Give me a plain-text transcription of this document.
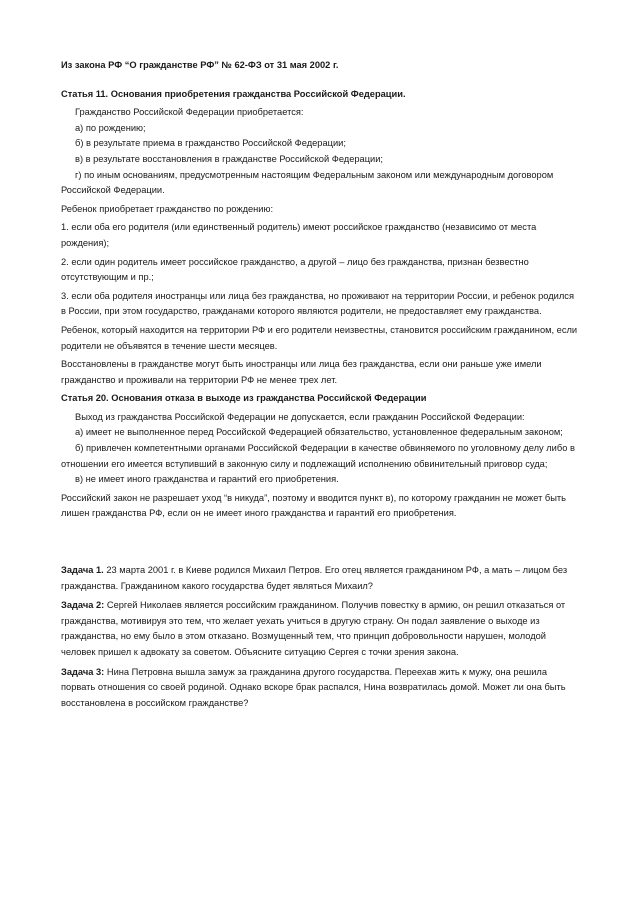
Из закона РФ “О гражданстве РФ” № 62-ФЗ от 31 мая 2002 г.

Статья 11. Основания приобретения гражданства Российской Федерации.

Гражданство Российской Федерации приобретается:

а) по рождению;

б) в результате приема в гражданство Российской Федерации;

в) в результате восстановления в гражданстве Российской Федерации;

г) по иным основаниям, предусмотренным настоящим Федеральным законом или международным договором Российской Федерации.

Ребенок приобретает гражданство по рождению:

1. если оба его родителя (или единственный родитель) имеют российское гражданство (независимо от места рождения);

2. если один родитель имеет российское гражданство, а другой – лицо без гражданства, признан безвестно отсутствующим и пр.;

3. если оба родителя иностранцы или лица без гражданства, но проживают на территории России, и ребенок родился в России, при этом государство, гражданами которого являются родители, не предоставляет ему гражданства.

Ребенок, который находится на территории РФ и его родители неизвестны, становится российским гражданином, если родители не объявятся в течение шести месяцев.

Восстановлены в гражданстве могут быть иностранцы или лица без гражданства, если они раньше уже имели гражданство и проживали на территории РФ не менее трех лет.

Статья 20. Основания отказа в выходе из гражданства Российской Федерации

Выход из гражданства Российской Федерации не допускается, если гражданин Российской Федерации:

а) имеет не выполненное перед Российской Федерацией обязательство, установленное федеральным законом;

б) привлечен компетентными органами Российской Федерации в качестве обвиняемого по уголовному делу либо в отношении его имеется вступивший в законную силу и подлежащий исполнению обвинительный приговор суда;

в) не имеет иного гражданства и гарантий его приобретения.

Российский закон не разрешает уход “в никуда”, поэтому и вводится пункт в), по которому гражданин не может быть лишен гражданства РФ, если он не имеет иного гражданства и гарантий его приобретения.

Задача 1. 23 марта 2001 г. в Киеве родился Михаил Петров. Его отец является гражданином РФ, а мать – лицом без гражданства. Гражданином какого государства будет являться Михаил?

Задача 2: Сергей Николаев является российским гражданином. Получив повестку в армию, он решил отказаться от гражданства, мотивируя это тем, что желает уехать учиться в другую страну. Он подал заявление о выходе из гражданства, но ему было в этом отказано. Возмущенный тем, что принцип добровольности нарушен, молодой человек пришел к адвокату за советом. Объясните ситуацию Сергея с точки зрения закона.

Задача 3: Нина Петровна вышла замуж за гражданина другого государства. Переехав жить к мужу, она решила порвать отношения со своей родиной. Однако вскоре брак распался, Нина возвратилась домой. Может ли она быть восстановлена в российском гражданстве?
